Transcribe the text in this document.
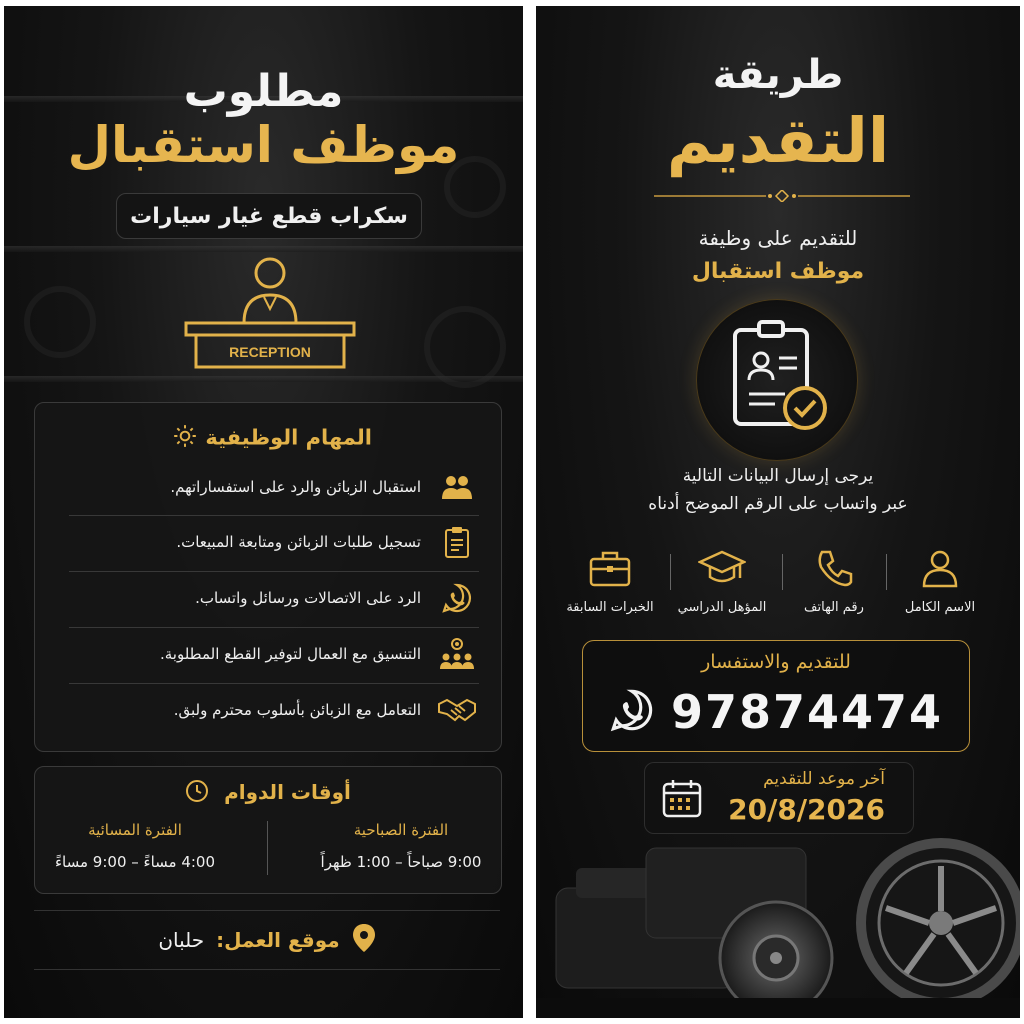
مطلوب
موظف استقبال
سكراب قطع غيار سيارات
RECEPTION
المهام الوظيفية
استقبال الزبائن والرد على استفساراتهم.
تسجيل طلبات الزبائن ومتابعة المبيعات.
الرد على الاتصالات ورسائل واتساب.
التنسيق مع العمال لتوفير القطع المطلوبة.
التعامل مع الزبائن بأسلوب محترم ولبق.
أوقات الدوام
الفترة الصباحية
9:00 صباحاً – 1:00 ظهراً
الفترة المسائية
4:00 مساءً – 9:00 مساءً
موقع العمل:
حلبان
طريقة
التقديم
للتقديم على وظيفة
موظف استقبال
يرجى إرسال البيانات التالية
عبر واتساب على الرقم الموضح أدناه
الاسم الكامل
رقم الهاتف
المؤهل الدراسي
الخبرات السابقة
للتقديم والاستفسار
97874474
آخر موعد للتقديم
20/8/2026
